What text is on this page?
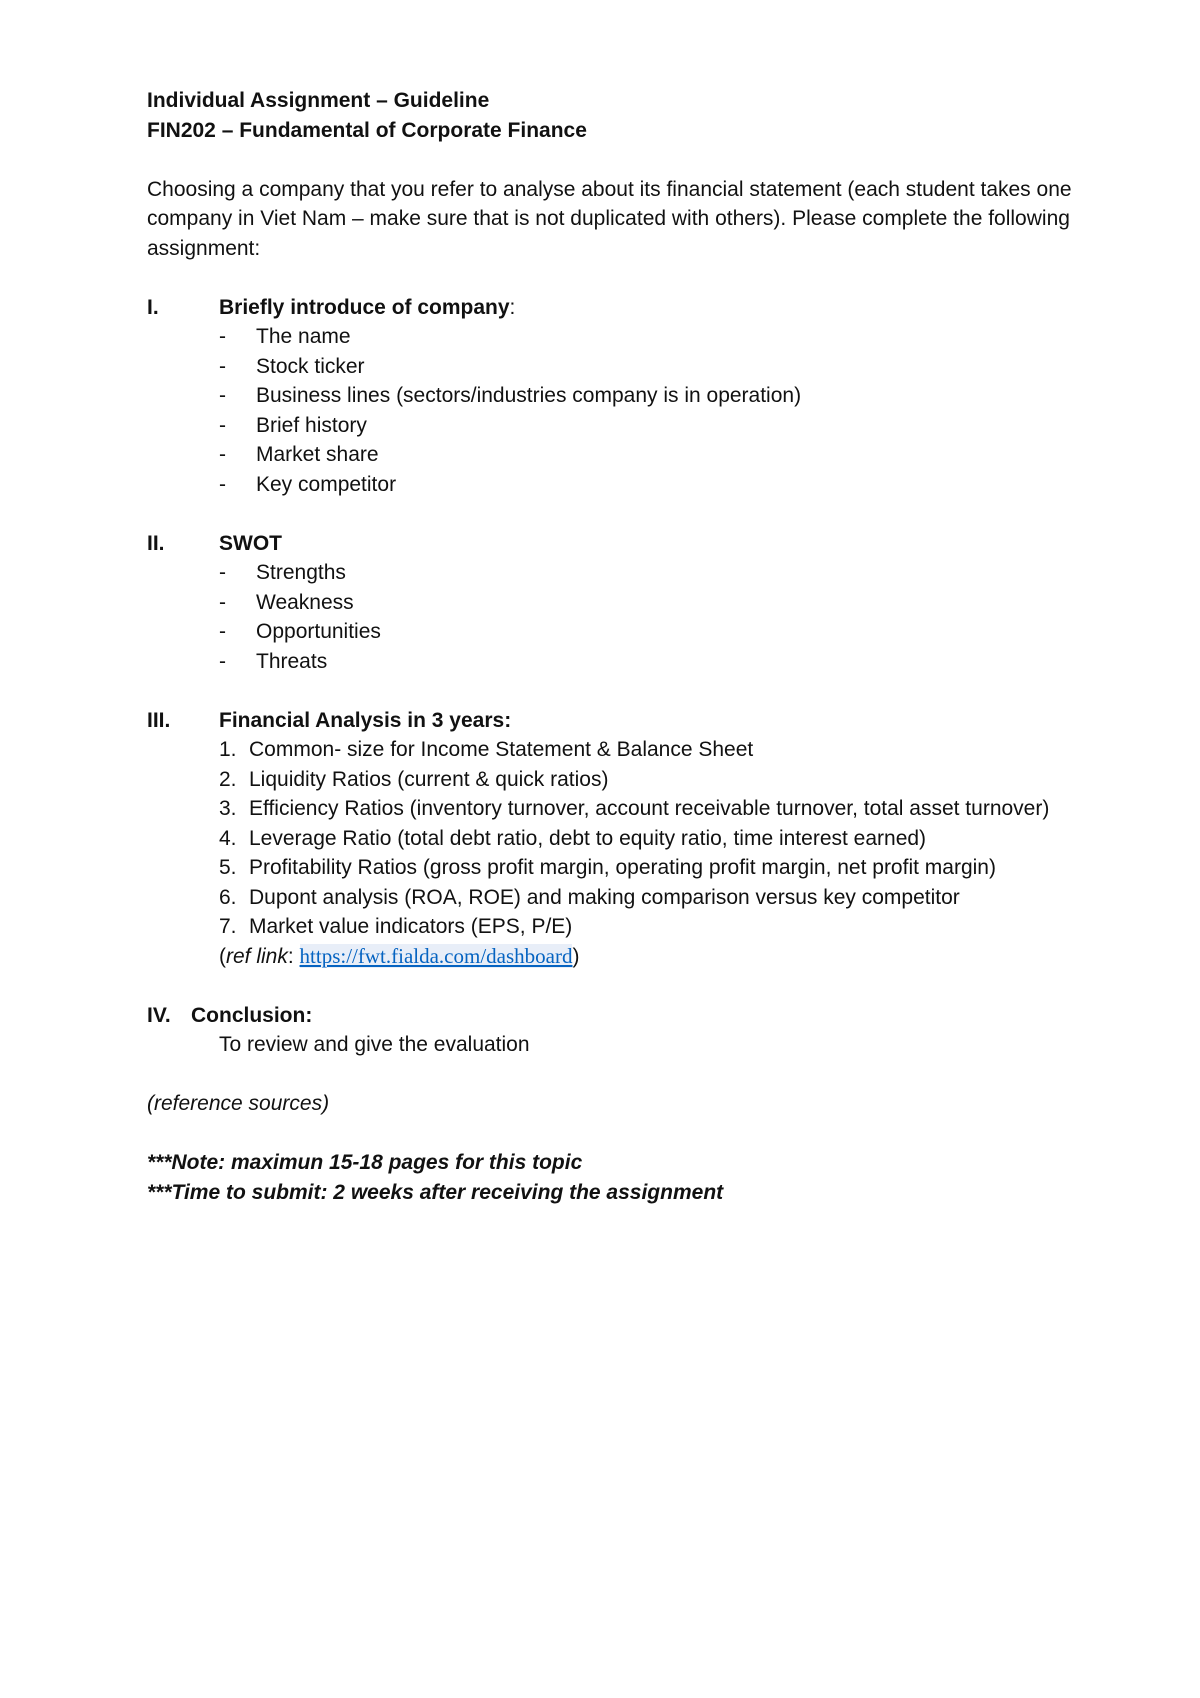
Individual Assignment – Guideline
FIN202 – Fundamental of Corporate Finance
Choosing a company that you refer to analyse about its financial statement (each student takes one
company in Viet Nam – make sure that is not duplicated with others). Please complete the following
assignment:
I.	Briefly introduce of company :
-	The name
-	Stock ticker
-	Business lines (sectors/industries company is in operation)
-	Brief history
-	Market share
-	Key competitor
II.	SWOT
-	Strengths
-	Weakness
-	Opportunities
-	Threats
III.	Financial Analysis in 3 years:
1. Common- size for Income Statement & Balance Sheet
2. Liquidity Ratios (current & quick ratios)
3. Efficiency Ratios (inventory turnover, account receivable turnover, total asset turnover)
4. Leverage Ratio (total debt ratio, debt to equity ratio, time interest earned)
5. Profitability Ratios (gross profit margin, operating profit margin, net profit margin)
6. Dupont analysis (ROA, ROE) and making comparison versus key competitor
7. Market value indicators (EPS, P/E)
(ref link: https://fwt.fialda.com/dashboard)
IV. Conclusion:
To review and give the evaluation
(reference sources)
***Note: maximun 15-18 pages for this topic
***Time to submit: 2 weeks after receiving the assignment
